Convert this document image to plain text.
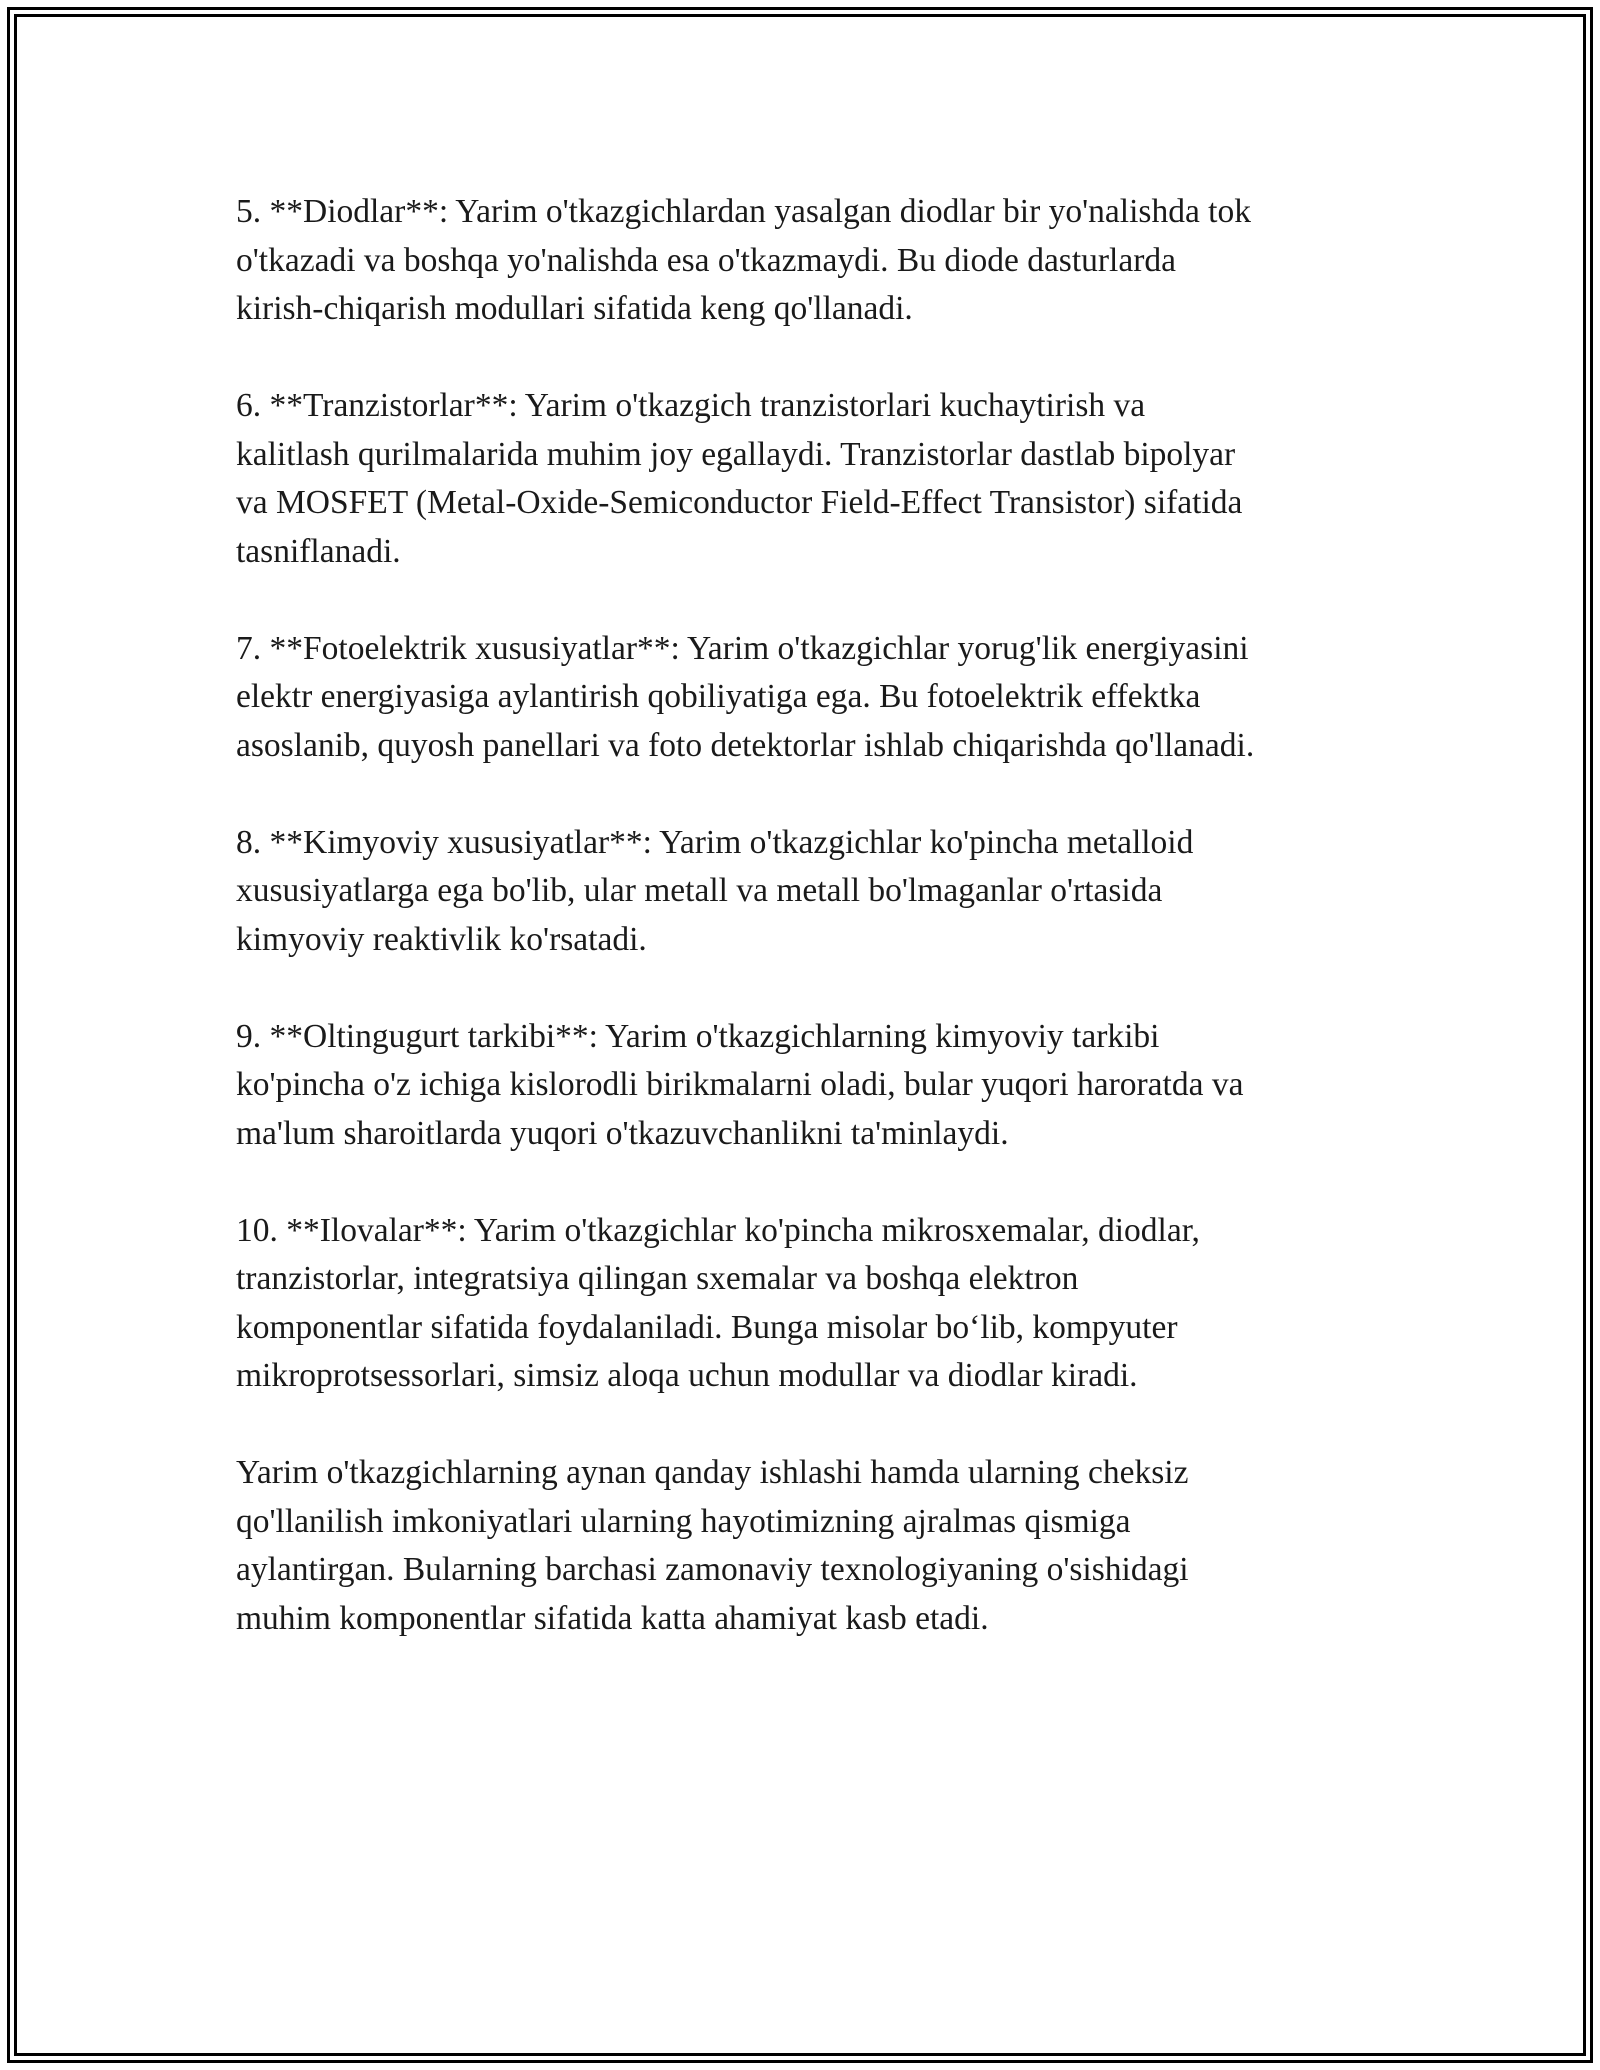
5. **Diodlar**: Yarim o'tkazgichlardan yasalgan diodlar bir yo'nalishda tok
o'tkazadi va boshqa yo'nalishda esa o'tkazmaydi. Bu diode dasturlarda
kirish-chiqarish modullari sifatida keng qo'llanadi.

6. **Tranzistorlar**: Yarim o'tkazgich tranzistorlari kuchaytirish va
kalitlash qurilmalarida muhim joy egallaydi. Tranzistorlar dastlab bipolyar
va MOSFET (Metal-Oxide-Semiconductor Field-Effect Transistor) sifatida
tasniflanadi.

7. **Fotoelektrik xususiyatlar**: Yarim o'tkazgichlar yorug'lik energiyasini
elektr energiyasiga aylantirish qobiliyatiga ega. Bu fotoelektrik effektka
asoslanib, quyosh panellari va foto detektorlar ishlab chiqarishda qo'llanadi.

8. **Kimyoviy xususiyatlar**: Yarim o'tkazgichlar ko'pincha metalloid
xususiyatlarga ega bo'lib, ular metall va metall bo'lmaganlar o'rtasida
kimyoviy reaktivlik ko'rsatadi.

9. **Oltingugurt tarkibi**: Yarim o'tkazgichlarning kimyoviy tarkibi
ko'pincha o'z ichiga kislorodli birikmalarni oladi, bular yuqori haroratda va
ma'lum sharoitlarda yuqori o'tkazuvchanlikni ta'minlaydi.

10. **Ilovalar**: Yarim o'tkazgichlar ko'pincha mikrosxemalar, diodlar,
tranzistorlar, integratsiya qilingan sxemalar va boshqa elektron
komponentlar sifatida foydalaniladi. Bunga misolar bo‘lib, kompyuter
mikroprotsessorlari, simsiz aloqa uchun modullar va diodlar kiradi.

Yarim o'tkazgichlarning aynan qanday ishlashi hamda ularning cheksiz
qo'llanilish imkoniyatlari ularning hayotimizning ajralmas qismiga
aylantirgan. Bularning barchasi zamonaviy texnologiyaning o'sishidagi
muhim komponentlar sifatida katta ahamiyat kasb etadi.
